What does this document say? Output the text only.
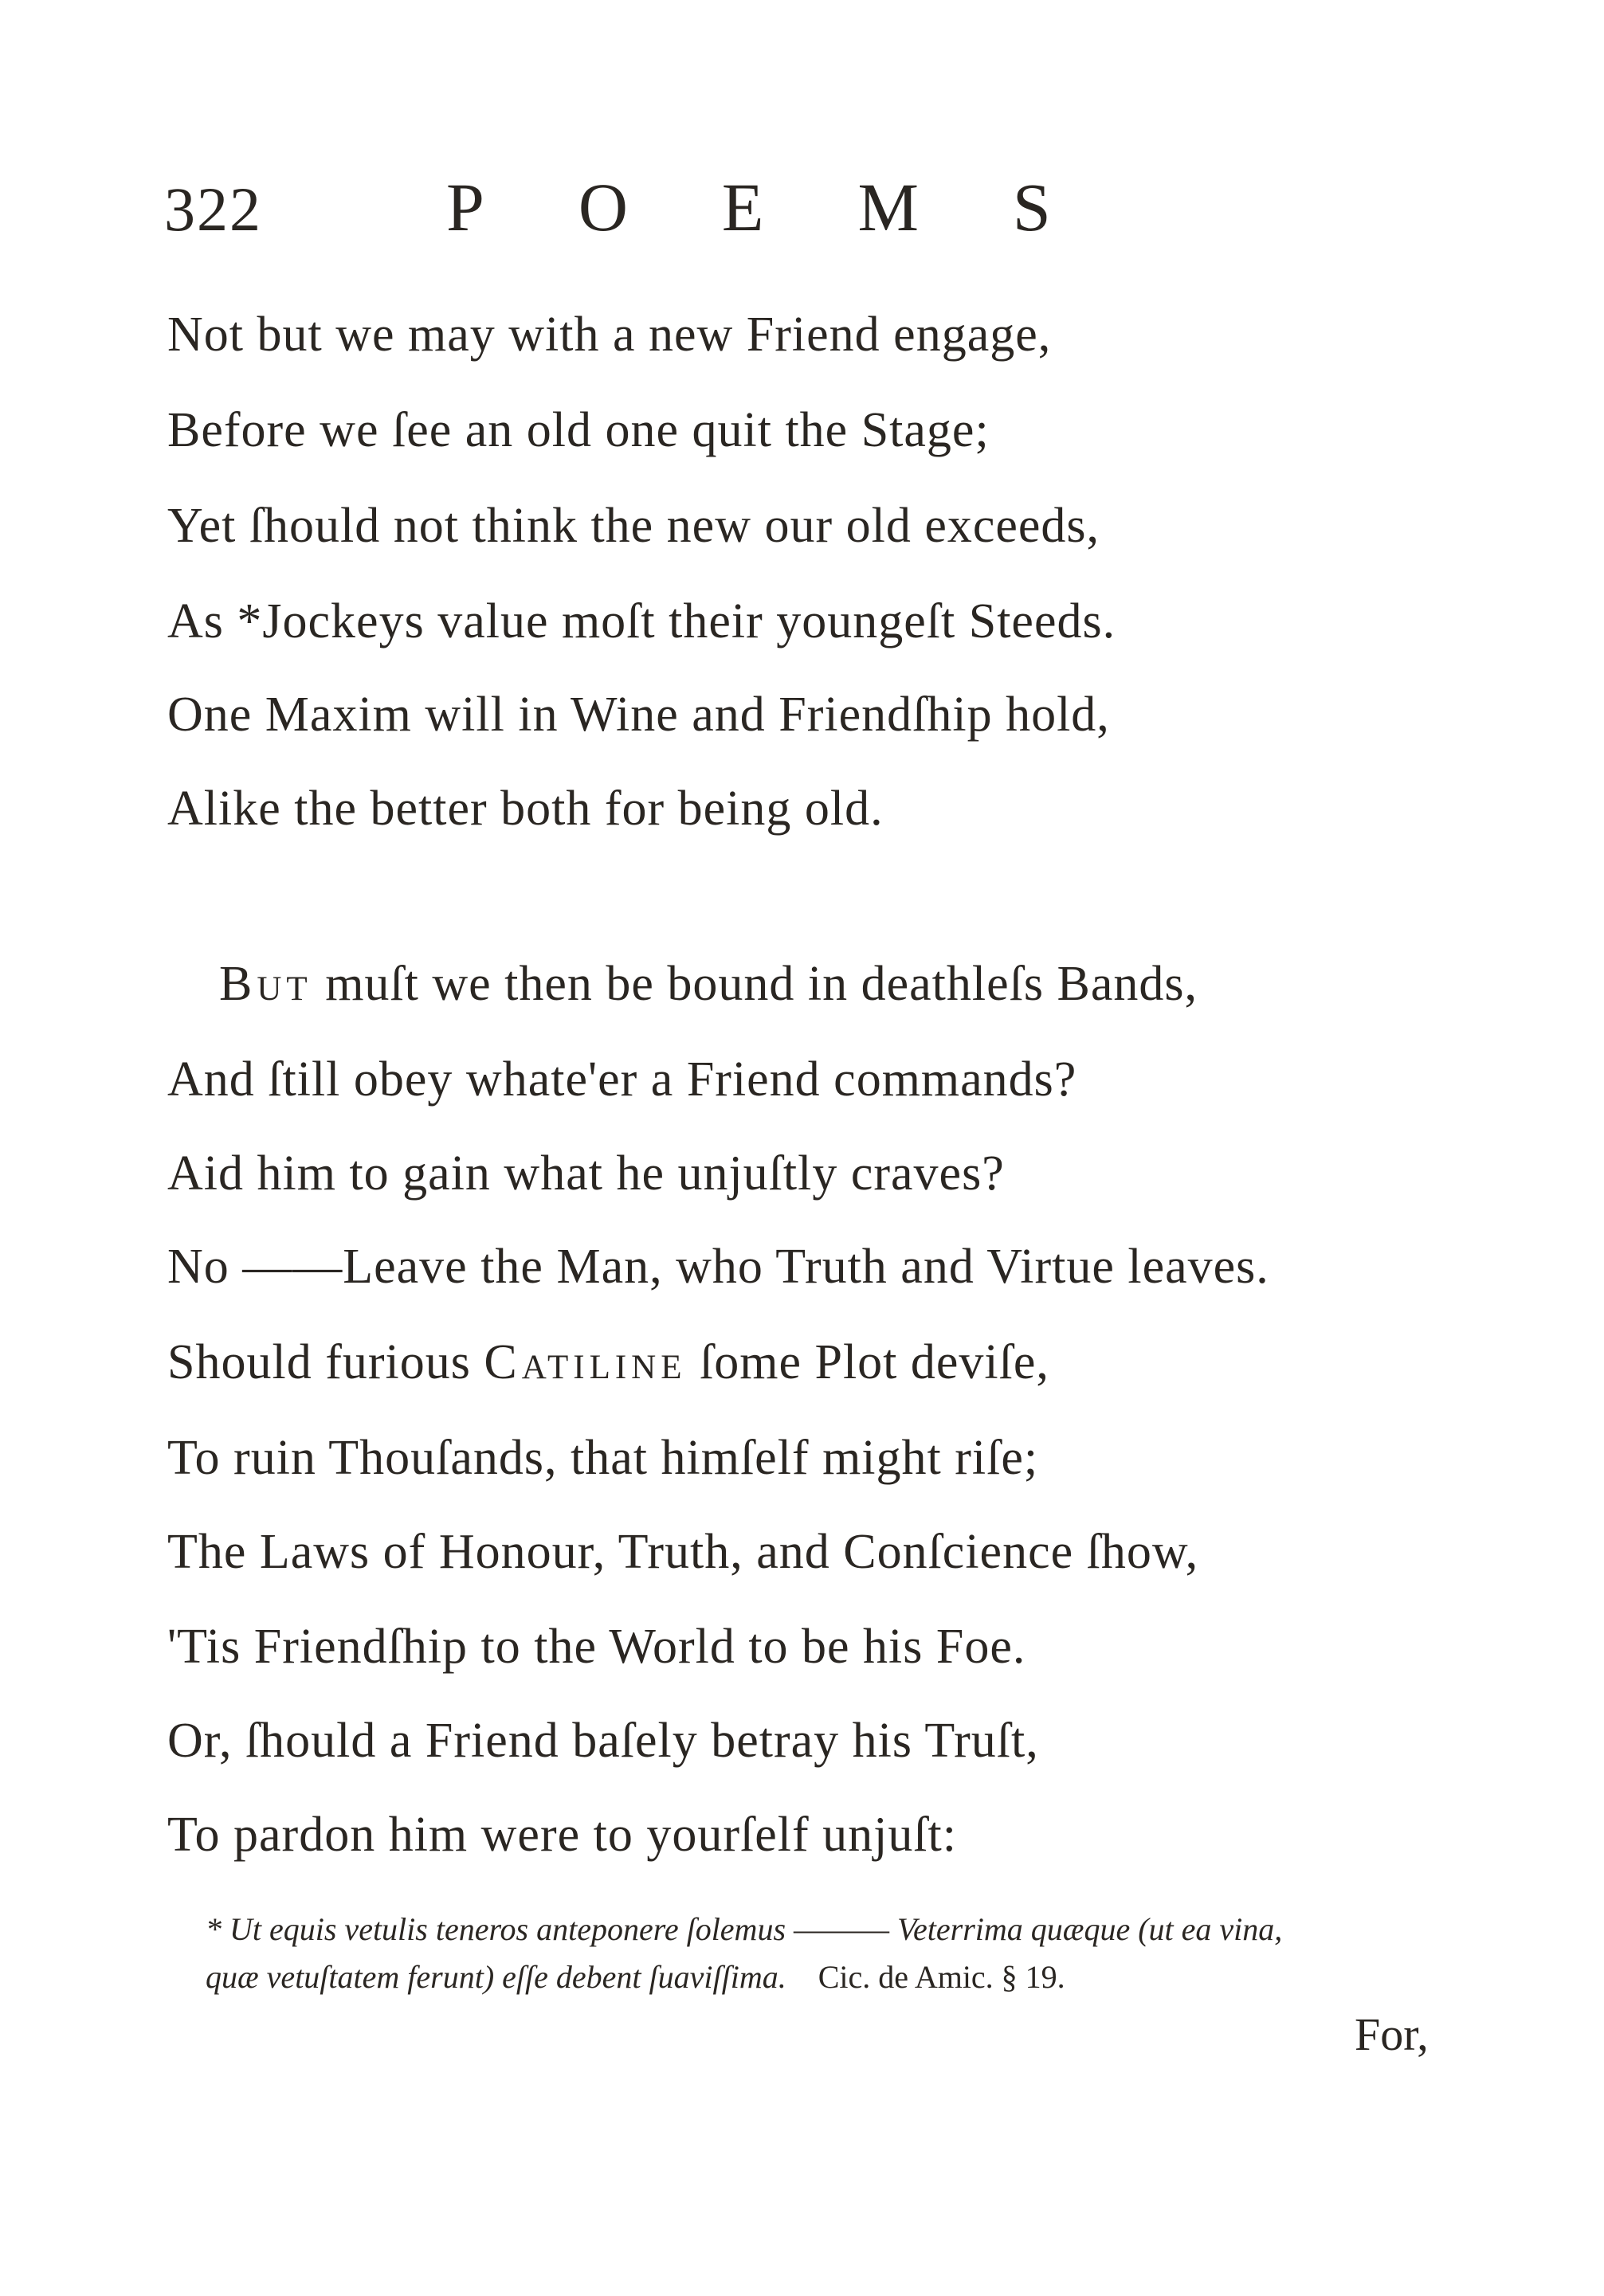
322	POEMS
Not but we may with a new Friend engage,
Before we ſee an old one quit the Stage;
Yet ſhould not think the new our old exceeds,
As *Jockeys value moſt their youngeſt Steeds.
One Maxim will in Wine and Friendſhip hold,
Alike the better both for being old.
But muſt we then be bound in deathleſs Bands,
And ſtill obey whate'er a Friend commands?
Aid him to gain what he unjuſtly craves?
No ——Leave the Man, who Truth and Virtue leaves.
Should furious Catiline ſome Plot deviſe,
To ruin Thouſands, that himſelf might riſe;
The Laws of Honour, Truth, and Conſcience ſhow,
'Tis Friendſhip to the World to be his Foe.
Or, ſhould a Friend baſely betray his Truſt,
To pardon him were to yourſelf unjuſt:
* Ut equis vetulis teneros anteponere ſolemus ——— Veterrima quæque (ut ea vina,
quæ vetuſtatem ferunt) eſſe debent ſuaviſſima. Cic. de Amic. § 19.
For,
